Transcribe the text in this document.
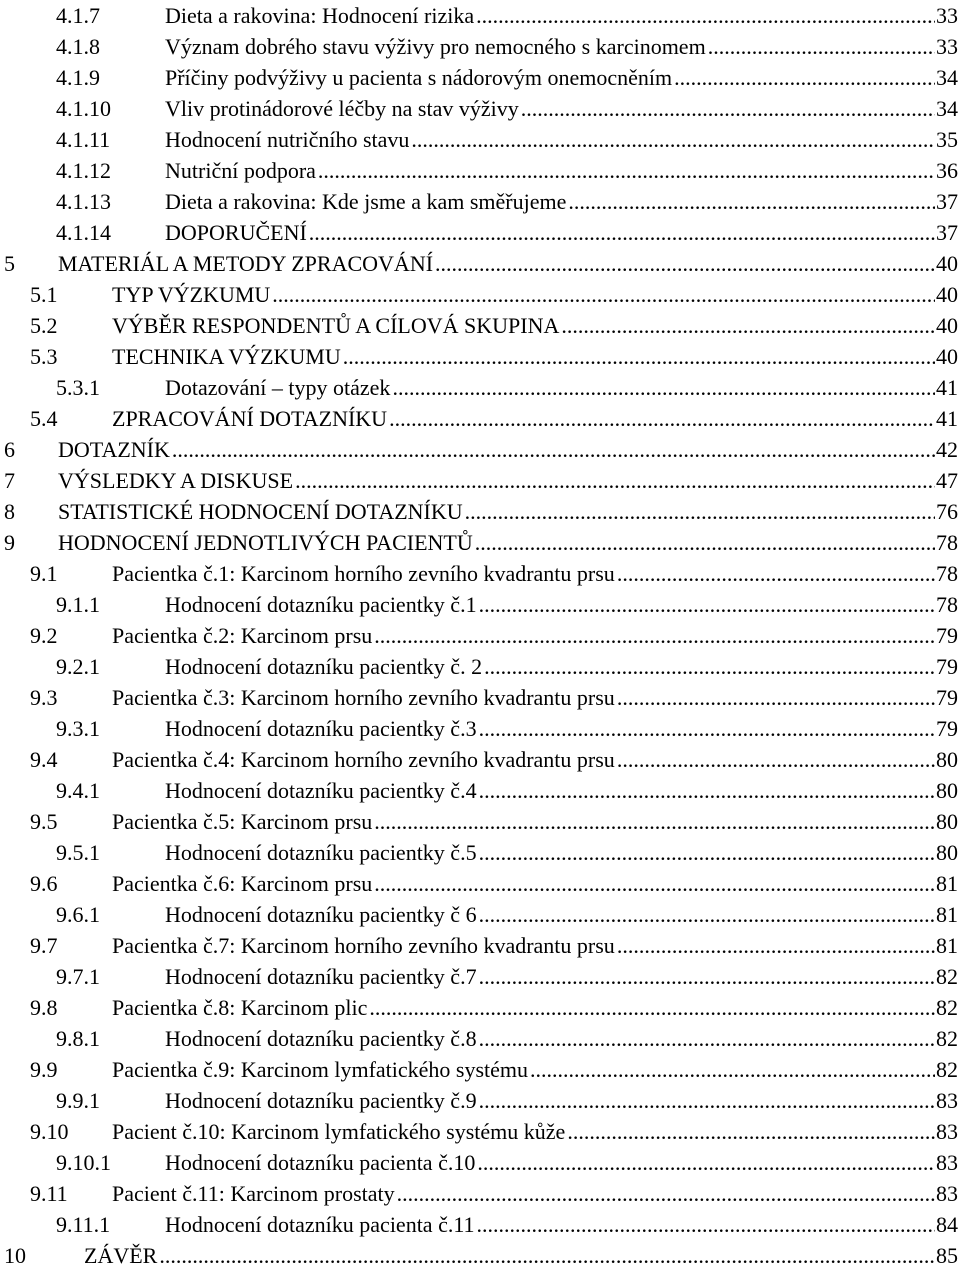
4.1.7	Dieta a rakovina: Hodnocení rizika .....	33
4.1.8	Význam dobrého stavu výživy pro nemocného s karcinomem .....	33
4.1.9	Příčiny podvýživy u pacienta s nádorovým onemocněním .....	34
4.1.10 Vliv protinádorové léčby na stav výživy .....	34
4.1.11 Hodnocení nutričního stavu .....	35
4.1.12 Nutriční podpora .....	36
4.1.13 Dieta a rakovina: Kde jsme a kam směřujeme .....	37
4.1.14 DOPORUČENÍ .....	37
5 MATERIÁL A METODY ZPRACOVÁNÍ .....	40
5.1 TYP VÝZKUMU .....	40
5.2 VÝBĚR RESPONDENTŮ A CÍLOVÁ SKUPINA .....	40
5.3 TECHNIKA VÝZKUMU .....	40
5.3.1	Dotazování – typy otázek .....	41
5.4 ZPRACOVÁNÍ DOTAZNÍKU .....	41
6 DOTAZNÍK .....	42
7 VÝSLEDKY A DISKUSE .....	47
8 STATISTICKÉ HODNOCENÍ DOTAZNÍKU .....	76
9 HODNOCENÍ JEDNOTLIVÝCH PACIENTŮ .....	78
9.1 Pacientka č.1: Karcinom horního zevního kvadrantu prsu .....	78
9.1.1	Hodnocení dotazníku pacientky č.1 .....	78
9.2 Pacientka č.2: Karcinom prsu .....	79
9.2.1	Hodnocení dotazníku pacientky č. 2 .....	79
9.3 Pacientka č.3: Karcinom horního zevního kvadrantu prsu .....	79
9.3.1	Hodnocení dotazníku pacientky č.3 .....	79
9.4 Pacientka č.4: Karcinom horního zevního kvadrantu prsu .....	80
9.4.1	Hodnocení dotazníku pacientky č.4 .....	80
9.5 Pacientka č.5: Karcinom prsu .....	80
9.5.1	Hodnocení dotazníku pacientky č.5 .....	80
9.6 Pacientka č.6: Karcinom prsu .....	81
9.6.1	Hodnocení dotazníku pacientky č 6 .....	81
9.7 Pacientka č.7: Karcinom horního zevního kvadrantu prsu .....	81
9.7.1	Hodnocení dotazníku pacientky č.7 .....	82
9.8 Pacientka č.8: Karcinom plic .....	82
9.8.1	Hodnocení dotazníku pacientky č.8 .....	82
9.9 Pacientka č.9: Karcinom lymfatického systému .....	82
9.9.1	Hodnocení dotazníku pacientky č.9 .....	83
9.10 Pacient č.10: Karcinom lymfatického systému kůže .....	83
9.10.1 Hodnocení dotazníku pacienta č.10 .....	83
9.11 Pacient č.11: Karcinom prostaty .....	83
9.11.1 Hodnocení dotazníku pacienta č.11 .....	84
10	ZÁVĚR .....	85
